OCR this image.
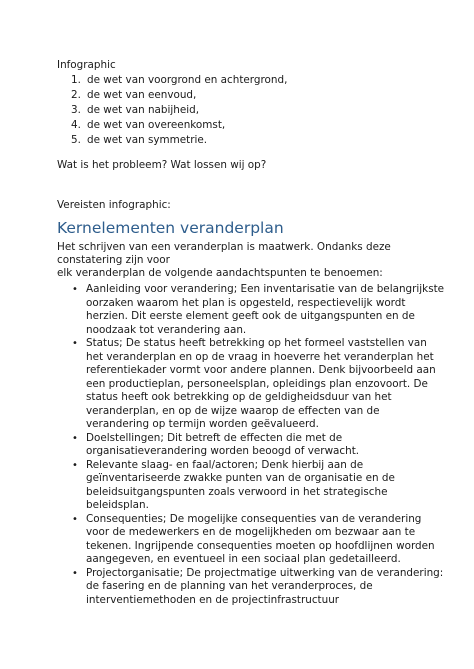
Infographic
1. de wet van voorgrond en achtergrond,
2. de wet van eenvoud,
3. de wet van nabijheid,
4. de wet van overeenkomst,
5. de wet van symmetrie.
Wat is het probleem? Wat lossen wij op?
Vereisten infographic:
Kernelementen veranderplan
Het schrijven van een veranderplan is maatwerk. Ondanks deze
constatering zijn voor
elk veranderplan de volgende aandachtspunten te benoemen:
• Aanleiding voor verandering; Een inventarisatie van de belangrijkste
oorzaken waarom het plan is opgesteld, respectievelijk wordt
herzien. Dit eerste element geeft ook de uitgangspunten en de
noodzaak tot verandering aan.
• Status; De status heeft betrekking op het formeel vaststellen van
het veranderplan en op de vraag in hoeverre het veranderplan het
referentiekader vormt voor andere plannen. Denk bijvoorbeeld aan
een productieplan, personeelsplan, opleidings plan enzovoort. De
status heeft ook betrekking op de geldigheidsduur van het
veranderplan, en op de wijze waarop de effecten van de
verandering op termijn worden geëvalueerd.
• Doelstellingen; Dit betreft de effecten die met de
organisatieverandering worden beoogd of verwacht.
• Relevante slaag- en faal/actoren; Denk hierbij aan de
geïnventariseerde zwakke punten van de organisatie en de
beleidsuitgangspunten zoals verwoord in het strategische
beleidsplan.
• Consequenties; De mogelijke consequenties van de verandering
voor de medewerkers en de mogelijkheden om bezwaar aan te
tekenen. Ingrijpende consequenties moeten op hoofdlijnen worden
aangegeven, en eventueel in een sociaal plan gedetailleerd.
• Projectorganisatie; De projectmatige uitwerking van de verandering:
de fasering en de planning van het veranderproces, de
interventiemethoden en de projectinfrastructuur
